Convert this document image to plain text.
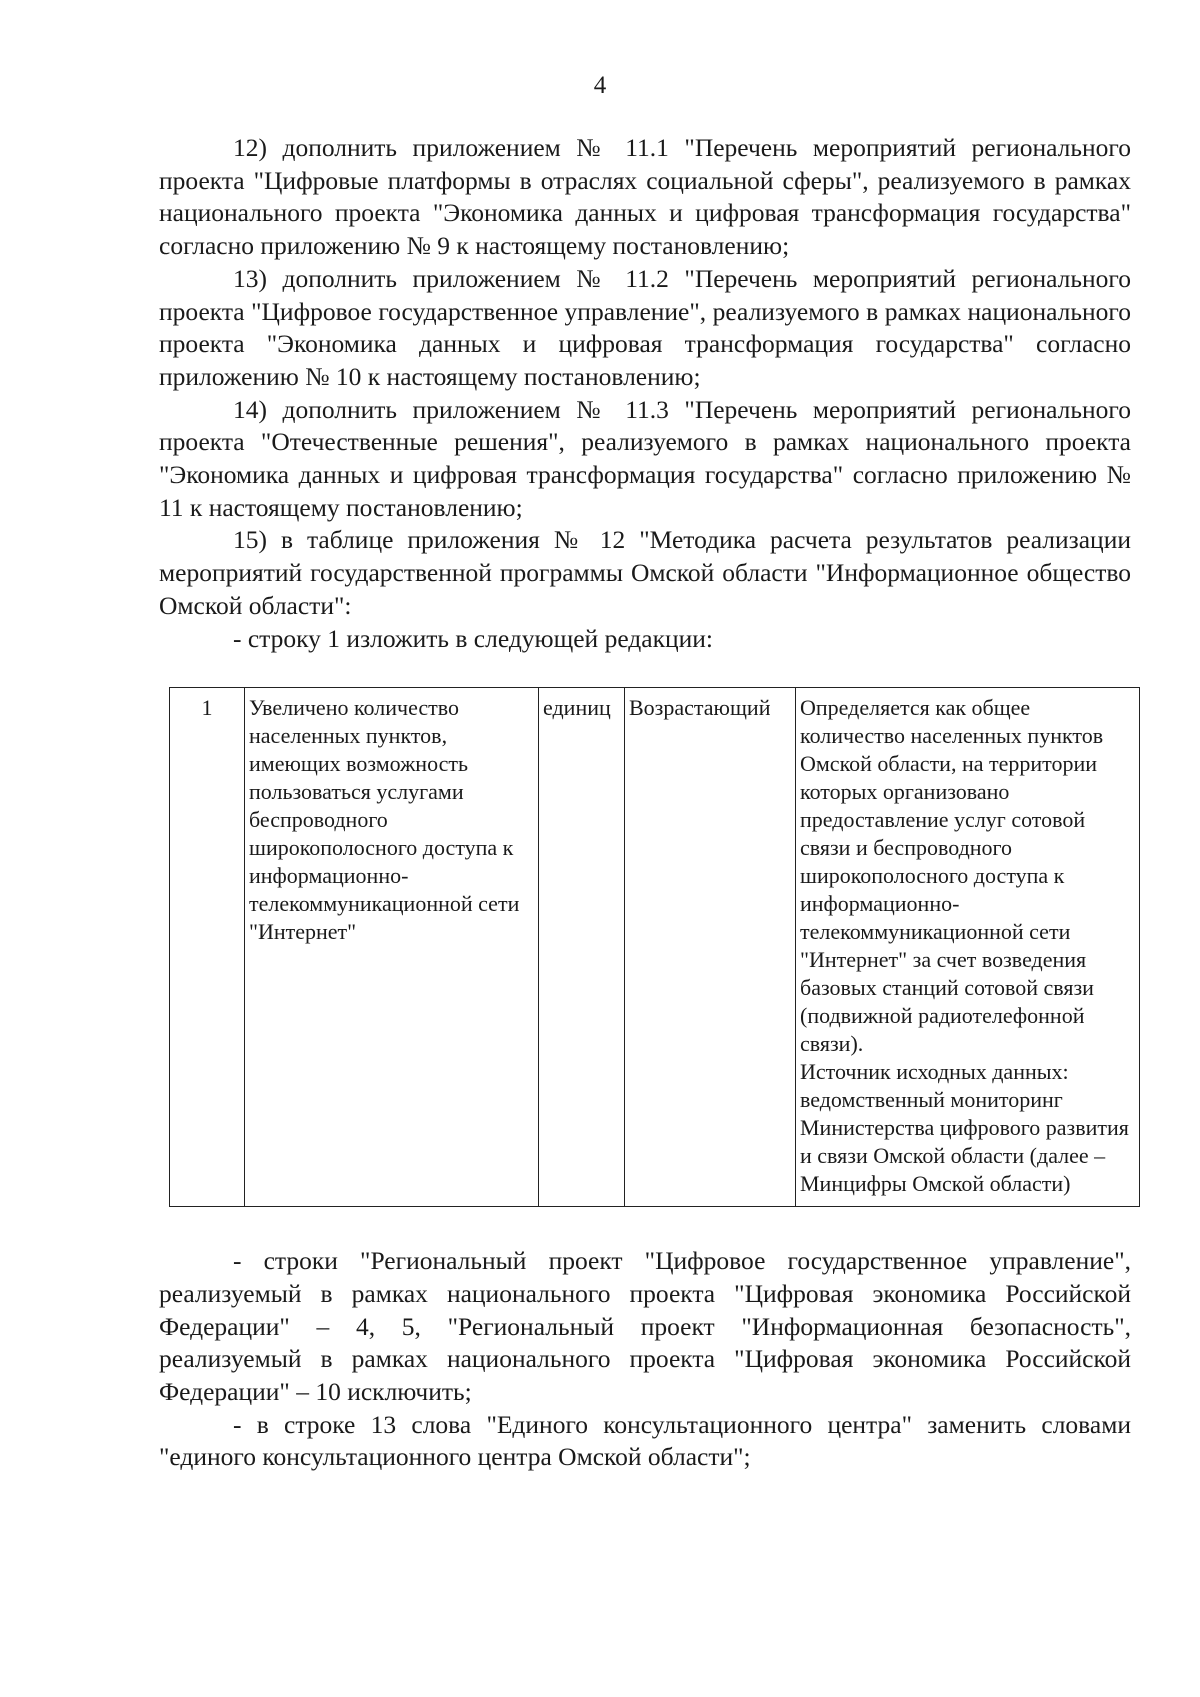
4

12) дополнить приложением № 11.1 "Перечень мероприятий регионального проекта "Цифровые платформы в отраслях социальной сферы", реализуемого в рамках национального проекта "Экономика данных и цифровая трансформация государства" согласно приложению № 9 к настоящему постановлению;

13) дополнить приложением № 11.2 "Перечень мероприятий регионального проекта "Цифровое государственное управление", реализуемого в рамках национального проекта "Экономика данных и цифровая трансформация государства" согласно приложению № 10 к настоящему постановлению;

14) дополнить приложением № 11.3 "Перечень мероприятий регионального проекта "Отечественные решения", реализуемого в рамках национального проекта "Экономика данных и цифровая трансформация государства" согласно приложению № 11 к настоящему постановлению;

15) в таблице приложения № 12 "Методика расчета результатов реализации мероприятий государственной программы Омской области "Информационное общество Омской области":

- строку 1 изложить в следующей редакции:

1	Увеличено количество населенных пунктов, имеющих возможность пользоваться услугами беспроводного широкополосного доступа к информационно-телекоммуникационной сети "Интернет"	единиц	Возрастающий	Определяется как общее количество населенных пунктов Омской области, на территории которых организовано предоставление услуг сотовой связи и беспроводного широкополосного доступа к информационно-телекоммуникационной сети "Интернет" за счет возведения базовых станций сотовой связи (подвижной радиотелефонной связи).
Источник исходных данных: ведомственный мониторинг Министерства цифрового развития и связи Омской области (далее – Минцифры Омской области)

- строки "Региональный проект "Цифровое государственное управление", реализуемый в рамках национального проекта "Цифровая экономика Российской Федерации" – 4, 5, "Региональный проект "Информационная безопасность", реализуемый в рамках национального проекта "Цифровая экономика Российской Федерации" – 10 исключить;

- в строке 13 слова "Единого консультационного центра" заменить словами "единого консультационного центра Омской области";
